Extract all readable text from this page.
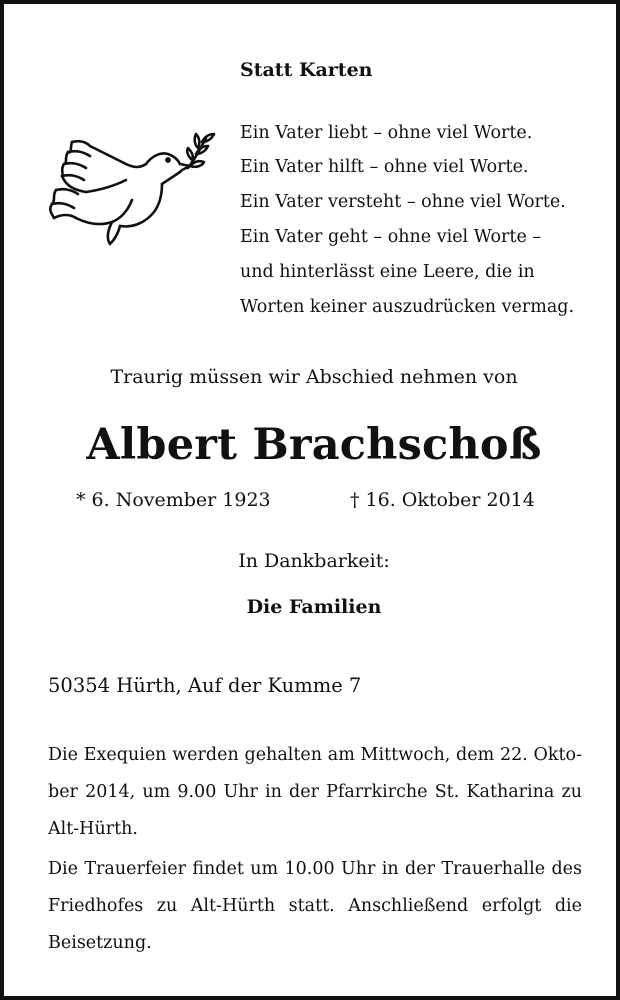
Statt Karten
Ein Vater liebt – ohne viel Worte.
Ein Vater hilft – ohne viel Worte.
Ein Vater versteht – ohne viel Worte.
Ein Vater geht – ohne viel Worte –
und hinterlässt eine Leere, die in
Worten keiner auszudrücken vermag.
Traurig müssen wir Abschied nehmen von
Albert Brachschoß
* 6. November 1923	† 16. Oktober 2014
In Dankbarkeit:
Die Familien
50354 Hürth, Auf der Kumme 7
Die Exequien werden gehalten am Mittwoch, dem 22. Okto-
ber 2014, um 9.00 Uhr in der Pfarrkirche St. Katharina zu
Alt-Hürth.
Die Trauerfeier findet um 10.00 Uhr in der Trauerhalle des
Friedhofes zu Alt-Hürth statt. Anschließend erfolgt die
Beisetzung.
